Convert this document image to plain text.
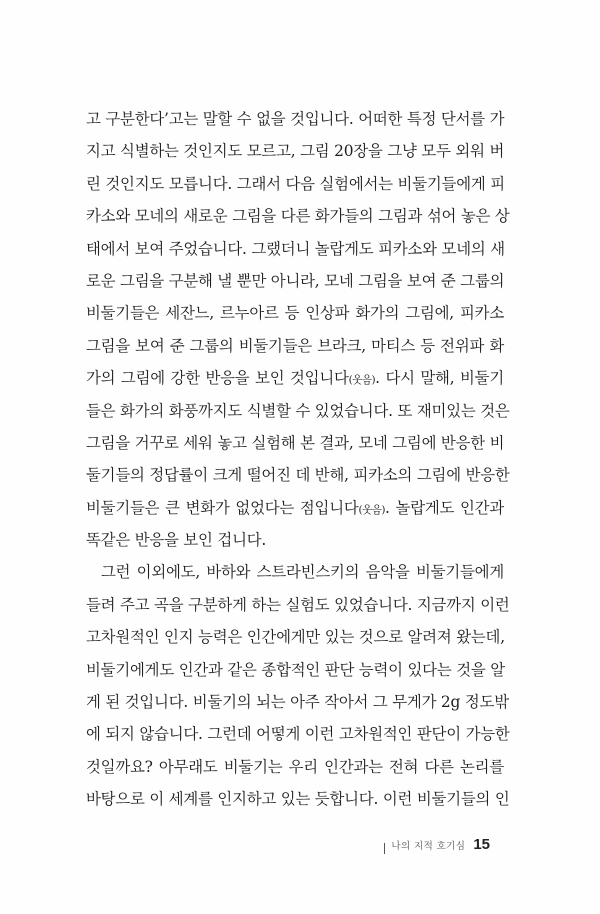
고 구분한다’고는 말할 수 없을 것입니다. 어떠한 특정 단서를 가
지고 식별하는 것인지도 모르고, 그림 20장을 그냥 모두 외워 버
린 것인지도 모릅니다. 그래서 다음 실험에서는 비둘기들에게 피
카소와 모네의 새로운 그림을 다른 화가들의 그림과 섞어 놓은 상
태에서 보여 주었습니다. 그랬더니 놀랍게도 피카소와 모네의 새
로운 그림을 구분해 낼 뿐만 아니라, 모네 그림을 보여 준 그룹의
비둘기들은 세잔느, 르누아르 등 인상파 화가의 그림에, 피카소
그림을 보여 준 그룹의 비둘기들은 브라크, 마티스 등 전위파 화
가의 그림에 강한 반응을 보인 것입니다(웃음). 다시 말해, 비둘기
들은 화가의 화풍까지도 식별할 수 있었습니다. 또 재미있는 것은
그림을 거꾸로 세워 놓고 실험해 본 결과, 모네 그림에 반응한 비
둘기들의 정답률이 크게 떨어진 데 반해, 피카소의 그림에 반응한
비둘기들은 큰 변화가 없었다는 점입니다(웃음). 놀랍게도 인간과
똑같은 반응을 보인 겁니다.
그런 이외에도, 바하와 스트라빈스키의 음악을 비둘기들에게
들려 주고 곡을 구분하게 하는 실험도 있었습니다. 지금까지 이런
고차원적인 인지 능력은 인간에게만 있는 것으로 알려져 왔는데,
비둘기에게도 인간과 같은 종합적인 판단 능력이 있다는 것을 알
게 된 것입니다. 비둘기의 뇌는 아주 작아서 그 무게가 2g 정도밖
에 되지 않습니다. 그런데 어떻게 이런 고차원적인 판단이 가능한
것일까요? 아무래도 비둘기는 우리 인간과는 전혀 다른 논리를
바탕으로 이 세계를 인지하고 있는 듯합니다. 이런 비둘기들의 인
나의 지적 호기심 15
